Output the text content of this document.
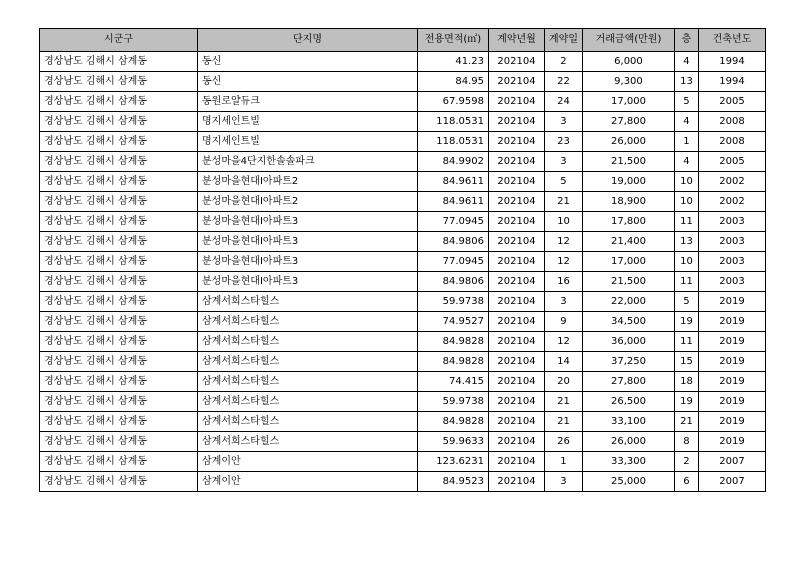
시군구	단지명	전용면적(㎡)	계약년월	계약일	거래금액(만원)	층	건축년도
경상남도 김해시 삼계동	동신	41.23	202104	2	6,000	4	1994
경상남도 김해시 삼계동	동신	84.95	202104	22	9,300	13	1994
경상남도 김해시 삼계동	동원로얄듀크	67.9598	202104	24	17,000	5	2005
경상남도 김해시 삼계동	명지세인트빌	118.0531	202104	3	27,800	4	2008
경상남도 김해시 삼계동	명지세인트빌	118.0531	202104	23	26,000	1	2008
경상남도 김해시 삼계동	분성마을4단지한솔솔파크	84.9902	202104	3	21,500	4	2005
경상남도 김해시 삼계동	분성마을현대I아파트2	84.9611	202104	5	19,000	10	2002
경상남도 김해시 삼계동	분성마을현대I아파트2	84.9611	202104	21	18,900	10	2002
경상남도 김해시 삼계동	분성마을현대I아파트3	77.0945	202104	10	17,800	11	2003
경상남도 김해시 삼계동	분성마을현대I아파트3	84.9806	202104	12	21,400	13	2003
경상남도 김해시 삼계동	분성마을현대I아파트3	77.0945	202104	12	17,000	10	2003
경상남도 김해시 삼계동	분성마을현대I아파트3	84.9806	202104	16	21,500	11	2003
경상남도 김해시 삼계동	삼계서희스타힐스	59.9738	202104	3	22,000	5	2019
경상남도 김해시 삼계동	삼계서희스타힐스	74.9527	202104	9	34,500	19	2019
경상남도 김해시 삼계동	삼계서희스타힐스	84.9828	202104	12	36,000	11	2019
경상남도 김해시 삼계동	삼계서희스타힐스	84.9828	202104	14	37,250	15	2019
경상남도 김해시 삼계동	삼계서희스타힐스	74.415	202104	20	27,800	18	2019
경상남도 김해시 삼계동	삼계서희스타힐스	59.9738	202104	21	26,500	19	2019
경상남도 김해시 삼계동	삼계서희스타힐스	84.9828	202104	21	33,100	21	2019
경상남도 김해시 삼계동	삼계서희스타힐스	59.9633	202104	26	26,000	8	2019
경상남도 김해시 삼계동	삼계이안	123.6231	202104	1	33,300	2	2007
경상남도 김해시 삼계동	삼계이안	84.9523	202104	3	25,000	6	2007
